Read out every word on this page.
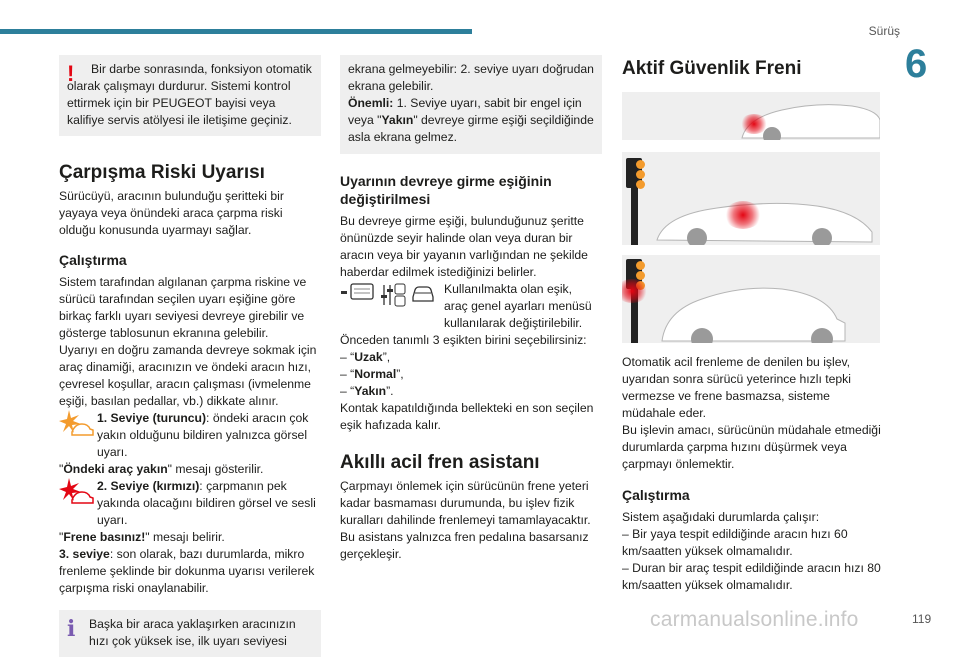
Sürüş
6
!	Bir darbe sonrasında, fonksiyon otomatik olarak çalışmayı durdurur. Sistemi kontrol ettirmek için bir PEUGEOT bayisi veya kalifiye servis atölyesi ile iletişime geçiniz.

Çarpışma Riski Uyarısı

Sürücüyü, aracının bulunduğu şeritteki bir yayaya veya önündeki araca çarpma riski olduğu konusunda uyarmayı sağlar.

Çalıştırma

Sistem tarafından algılanan çarpma riskine ve sürücü tarafından seçilen uyarı eşiğine göre birkaç farklı uyarı seviyesi devreye girebilir ve gösterge tablosunun ekranına gelebilir.

Uyarıyı en doğru zamanda devreye sokmak için araç dinamiği, aracınızın ve öndeki aracın hızı, çevresel koşullar, aracın çalışması (ivmelenme eşiği, basılan pedallar, vb.) dikkate alınır.

1. Seviye (turuncu): öndeki aracın çok yakın olduğunu bildiren yalnızca görsel uyarı.

"Öndeki araç yakın" mesajı gösterilir.

2. Seviye (kırmızı): çarpmanın pek yakında olacağını bildiren görsel ve sesli uyarı.

"Frene basınız!" mesajı belirir.

3. seviye: son olarak, bazı durumlarda, mikro frenleme şeklinde bir dokunma uyarısı verilerek çarpışma riski onaylanabilir.

i Başka bir araca yaklaşırken aracınızın hızı çok yüksek ise, ilk uyarı seviyesi

ekrana gelmeyebilir: 2. seviye uyarı doğrudan ekrana gelebilir.

Önemli: 1. Seviye uyarı, sabit bir engel için veya "Yakın" devreye girme eşiği seçildiğinde asla ekrana gelmez.

Uyarının devreye girme eşiğinin değiştirilmesi

Bu devreye girme eşiği, bulunduğunuz şeritte önünüzde seyir halinde olan veya duran bir aracın veya bir yayanın varlığından ne şekilde haberdar edilmek istediğinizi belirler.

Kullanılmakta olan eşik, araç genel ayarları menüsü kullanılarak değiştirilebilir.

Önceden tanımlı 3 eşikten birini seçebilirsiniz:

– “Uzak”,

– “Normal”,

– “Yakın”.

Kontak kapatıldığında bellekteki en son seçilen eşik hafızada kalır.

Akıllı acil fren asistanı

Çarpmayı önlemek için sürücünün frene yeteri kadar basmaması durumunda, bu işlev fizik kuralları dahilinde frenlemeyi tamamlayacaktır. Bu asistans yalnızca fren pedalına basarsanız gerçekleşir.

Aktif Güvenlik Freni

Otomatik acil frenleme de denilen bu işlev, uyarıdan sonra sürücü yeterince hızlı tepki vermezse ve frene basmazsa, sisteme müdahale eder.

Bu işlevin amacı, sürücünün müdahale etmediği durumlarda çarpma hızını düşürmek veya çarpmayı önlemektir.

Çalıştırma

Sistem aşağıdaki durumlarda çalışır:

– Bir yaya tespit edildiğinde aracın hızı 60 km/saatten yüksek olmamalıdır.

– Duran bir araç tespit edildiğinde aracın hızı 80 km/saatten yüksek olmamalıdır.

carmanualsonline.info	119
